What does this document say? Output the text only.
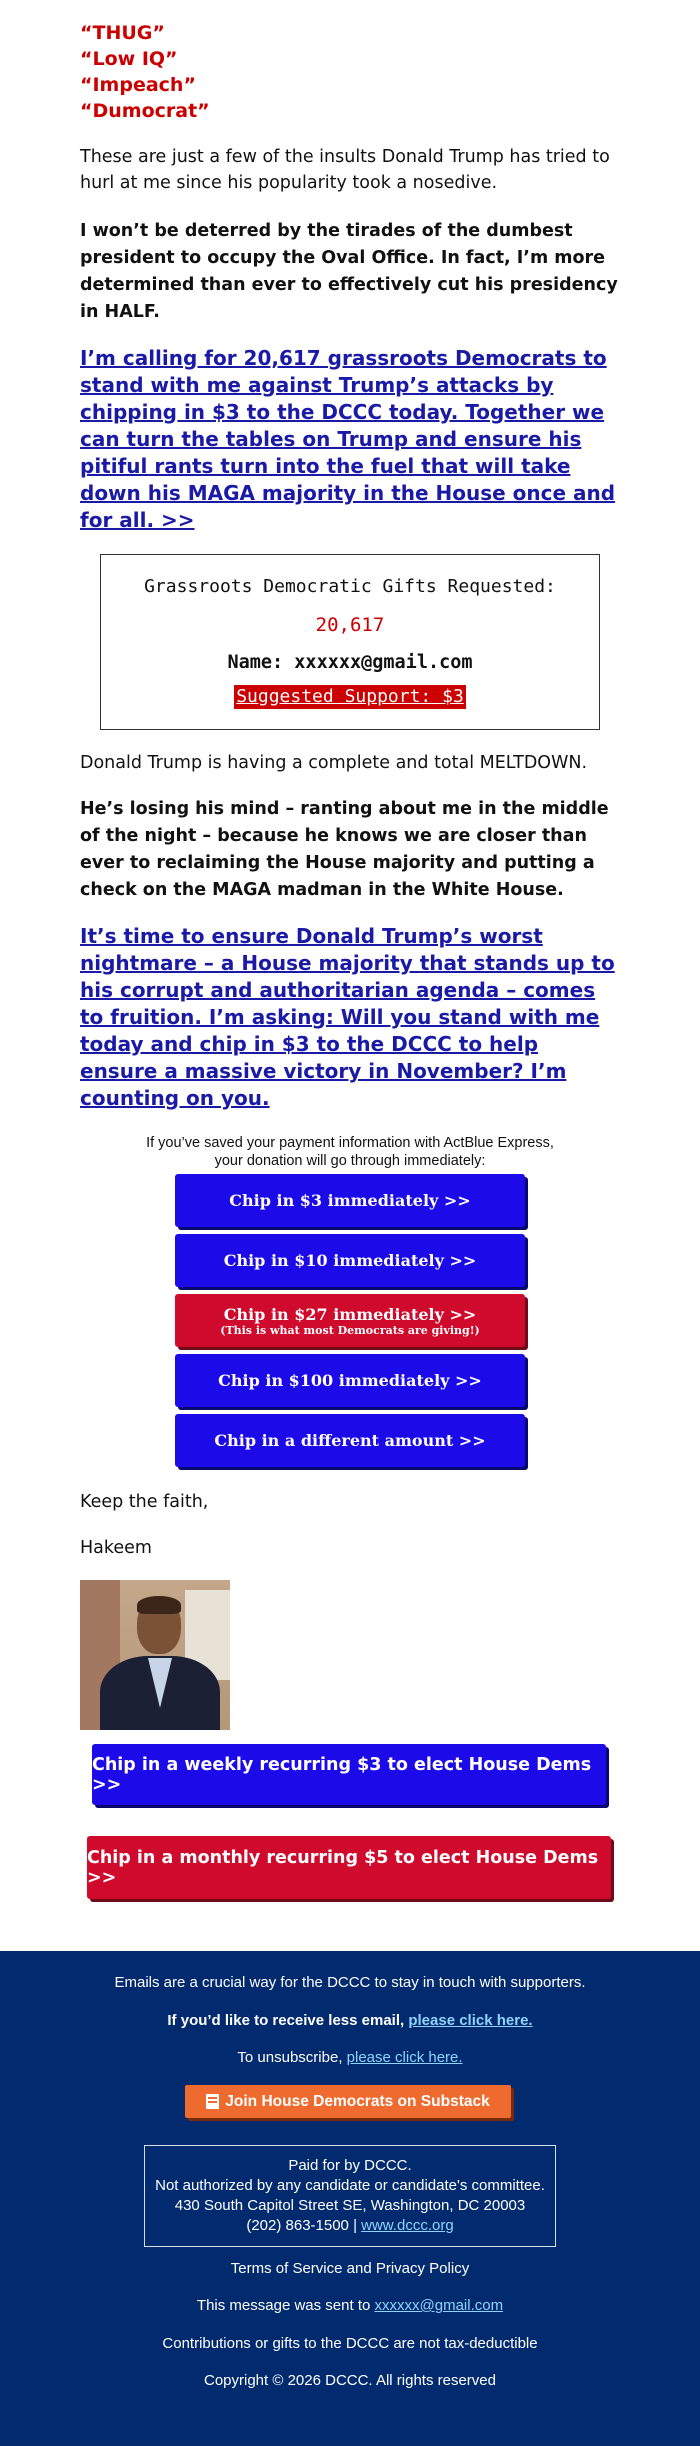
“THUG”
“Low IQ”
“Impeach”
“Dumocrat”

These are just a few of the insults Donald Trump has tried to hurl at me since his popularity took a nosedive.

I won’t be deterred by the tirades of the dumbest president to occupy the Oval Office. In fact, I’m more determined than ever to effectively cut his presidency in HALF.

I’m calling for 20,617 grassroots Democrats to stand with me against Trump’s attacks by chipping in $3 to the DCCC today. Together we can turn the tables on Trump and ensure his pitiful rants turn into the fuel that will take down his MAGA majority in the House once and for all. >>
Grassroots Democratic Gifts Requested:
20,617
Name: xxxxxx@gmail.com
Suggested Support: $3

Donald Trump is having a complete and total MELTDOWN.

He’s losing his mind – ranting about me in the middle of the night – because he knows we are closer than ever to reclaiming the House majority and putting a check on the MAGA madman in the White House.

It’s time to ensure Donald Trump’s worst nightmare – a House majority that stands up to his corrupt and authoritarian agenda – comes to fruition. I’m asking: Will you stand with me today and chip in $3 to the DCCC to help ensure a massive victory in November? I’m counting on you.
If you’ve saved your payment information with ActBlue Express,
your donation will go through immediately:
Chip in $3 immediately >>
Chip in $10 immediately >>
Chip in $27 immediately >>
(This is what most Democrats are giving!)
Chip in $100 immediately >>
Chip in a different amount >>

Keep the faith,

Hakeem

Chip in a weekly recurring $3 to elect House Dems >>
Chip in a monthly recurring $5 to elect House Dems >>
Emails are a crucial way for the DCCC to stay in touch with supporters.
If you’d like to receive less email, please click here.
To unsubscribe, please click here.
Join House Democrats on Substack
Paid for by DCCC.
Not authorized by any candidate or candidate's committee.
430 South Capitol Street SE, Washington, DC 20003
(202) 863-1500 | www.dccc.org
Terms of Service and Privacy Policy
This message was sent to xxxxxx@gmail.com
Contributions or gifts to the DCCC are not tax-deductible
Copyright © 2026 DCCC. All rights reserved
